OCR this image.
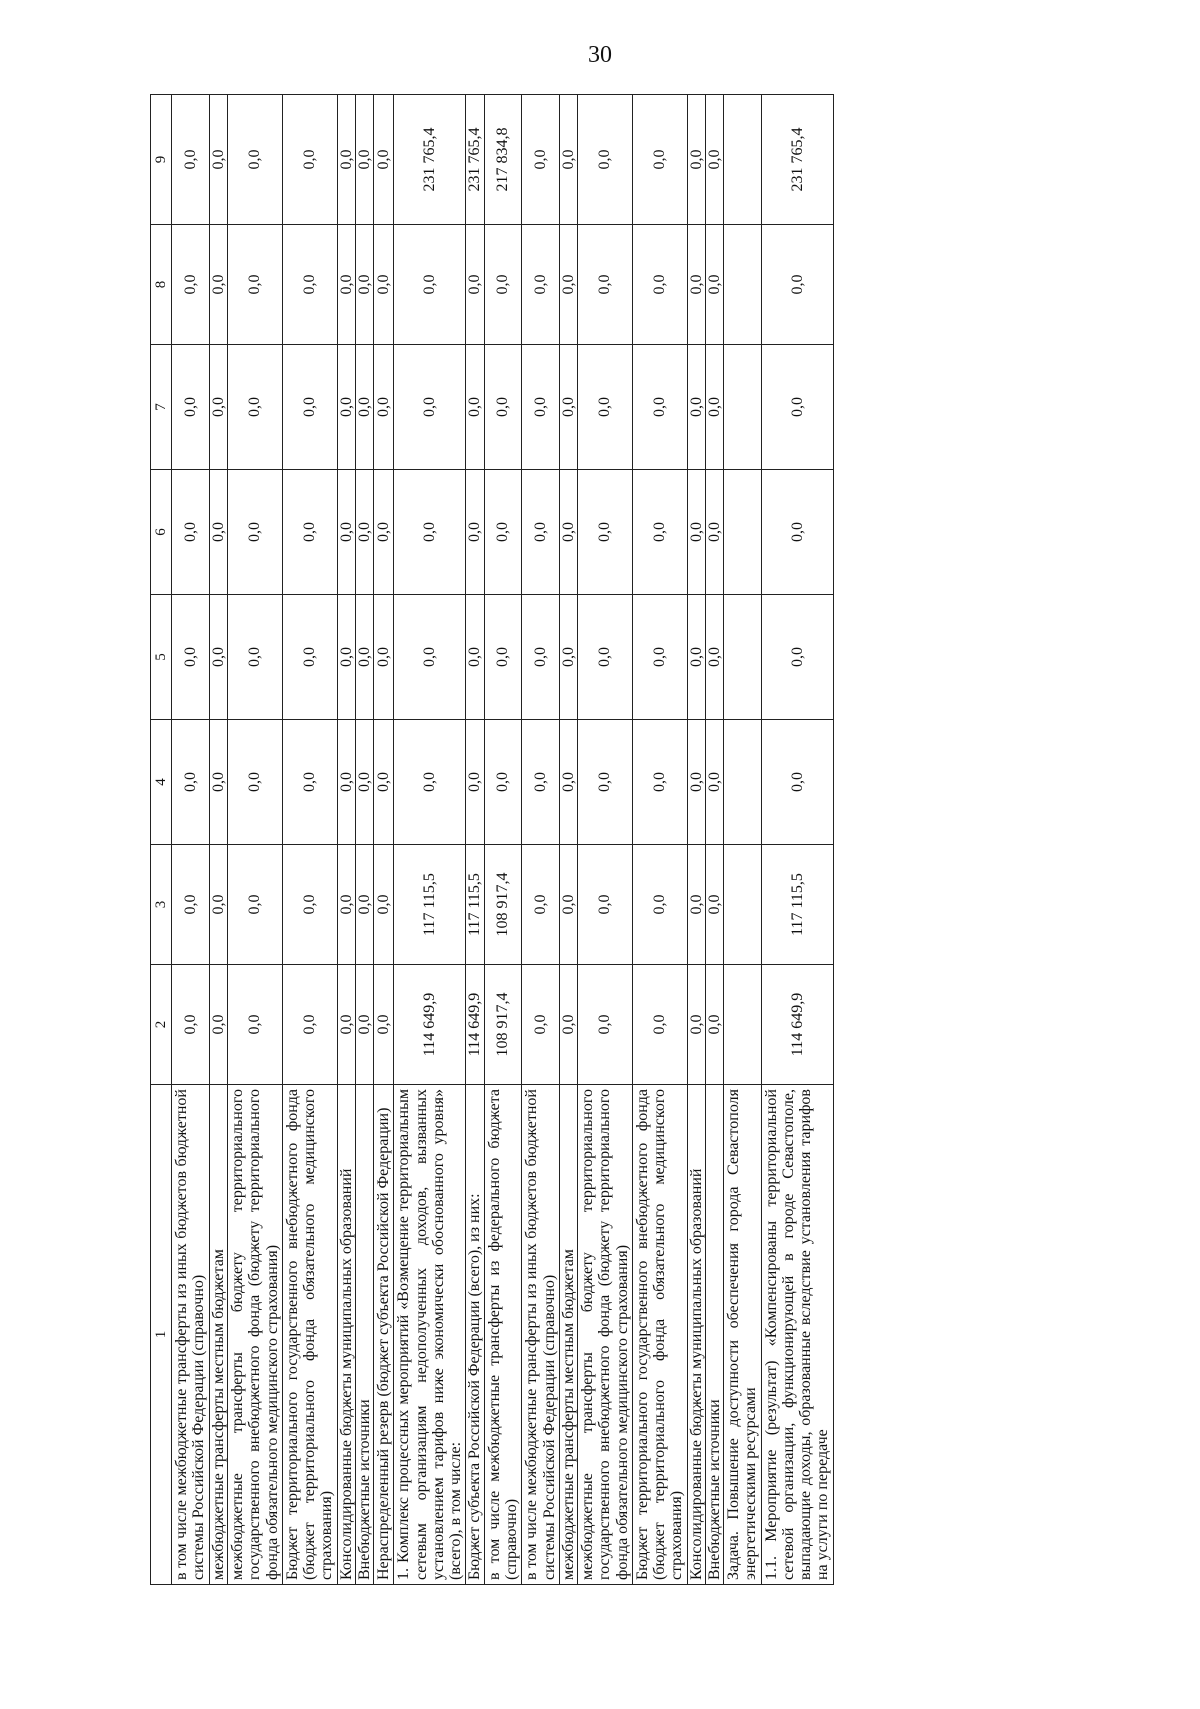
30
1	2	3	4	5	6	7	8	9
в том числе межбюджетные трансферты из иных бюджетов бюджетной системы Российской Федерации (справочно)	0,0	0,0	0,0	0,0	0,0	0,0	0,0	0,0
межбюджетные трансферты местным бюджетам	0,0	0,0	0,0	0,0	0,0	0,0	0,0	0,0
межбюджетные трансферты бюджету территориального государственного внебюджетного фонда (бюджету территориального фонда обязательного медицинского страхования)	0,0	0,0	0,0	0,0	0,0	0,0	0,0	0,0
Бюджет территориального государственного внебюджетного фонда (бюджет территориального фонда обязательного медицинского страхования)	0,0	0,0	0,0	0,0	0,0	0,0	0,0	0,0
Консолидированные бюджеты муниципальных образований	0,0	0,0	0,0	0,0	0,0	0,0	0,0	0,0
Внебюджетные источники	0,0	0,0	0,0	0,0	0,0	0,0	0,0	0,0
Нераспределенный резерв (бюджет субъекта Российской Федерации)	0,0	0,0	0,0	0,0	0,0	0,0	0,0	0,0
1. Комплекс процессных мероприятий «Возмещение территориальным сетевым организациям недополученных доходов, вызванных установлением тарифов ниже экономически обоснованного уровня» (всего), в том числе:	114 649,9	117 115,5	0,0	0,0	0,0	0,0	0,0	231 765,4
Бюджет субъекта Российской Федерации (всего), из них:	114 649,9	117 115,5	0,0	0,0	0,0	0,0	0,0	231 765,4
в том числе межбюджетные трансферты из федерального бюджета (справочно)	108 917,4	108 917,4	0,0	0,0	0,0	0,0	0,0	217 834,8
в том числе межбюджетные трансферты из иных бюджетов бюджетной системы Российской Федерации (справочно)	0,0	0,0	0,0	0,0	0,0	0,0	0,0	0,0
межбюджетные трансферты местным бюджетам	0,0	0,0	0,0	0,0	0,0	0,0	0,0	0,0
межбюджетные трансферты бюджету территориального государственного внебюджетного фонда (бюджету территориального фонда обязательного медицинского страхования)	0,0	0,0	0,0	0,0	0,0	0,0	0,0	0,0
Бюджет территориального государственного внебюджетного фонда (бюджет территориального фонда обязательного медицинского страхования)	0,0	0,0	0,0	0,0	0,0	0,0	0,0	0,0
Консолидированные бюджеты муниципальных образований	0,0	0,0	0,0	0,0	0,0	0,0	0,0	0,0
Внебюджетные источники	0,0	0,0	0,0	0,0	0,0	0,0	0,0	0,0
Задача. Повышение доступности обеспечения города Севастополя энергетическими ресурсами								
1.1. Мероприятие (результат) «Компенсированы территориальной сетевой организации, функционирующей в городе Севастополе, выпадающие доходы, образованные вследствие установления тарифов на услуги по передаче	114 649,9	117 115,5	0,0	0,0	0,0	0,0	0,0	231 765,4
